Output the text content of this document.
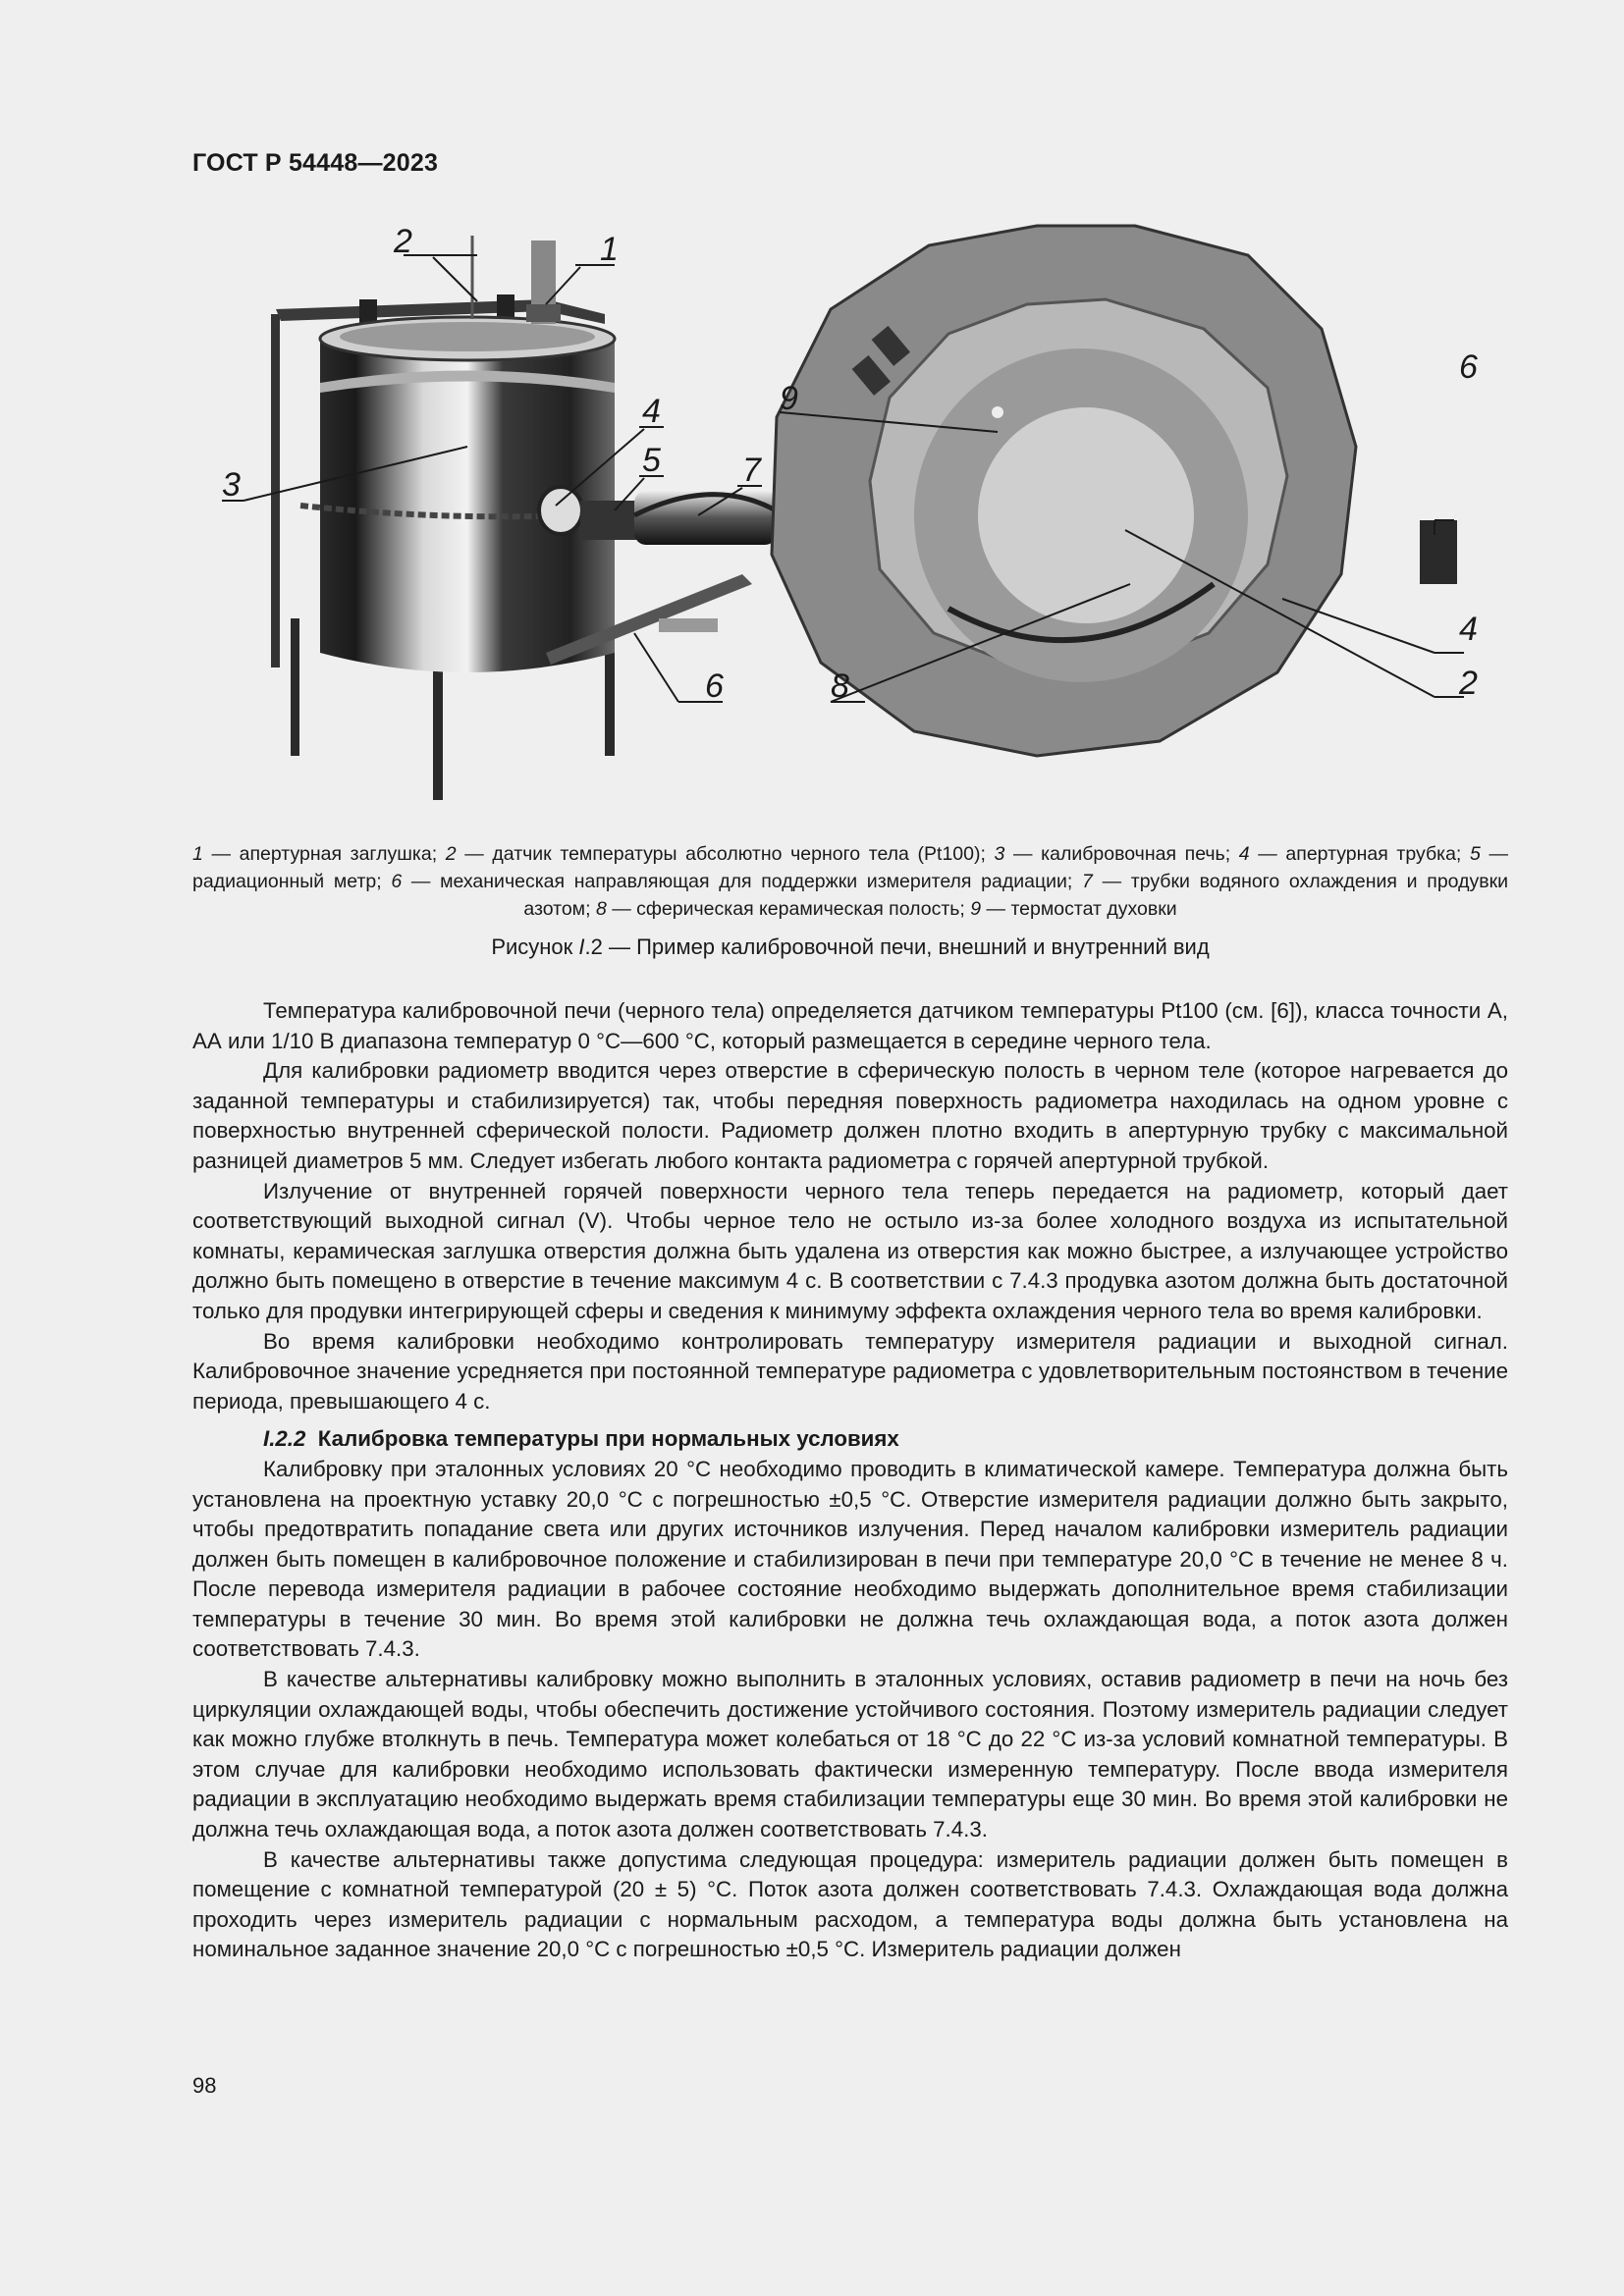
ГОСТ Р 54448—2023
2	1
3
4
5 7
6
9
6
4
8	2
1 — апертурная заглушка; 2 — датчик температуры абсолютно черного тела (Pt100); 3 — калибровочная печь; 4 — апертурная трубка; 5 — радиационный метр; 6 — механическая направляющая для поддержки измерителя радиации; 7 — трубки водяного охлаждения и продувки азотом; 8 — сферическая керамическая полость; 9 — термостат духовки
Рисунок I.2 — Пример калибровочной печи, внешний и внутренний вид

Температура калибровочной печи (черного тела) определяется датчиком температуры Pt100 (см. [6]), класса точности А, АА или 1/10 В диапазона температур 0 °С—600 °С, который размещается в середине черного тела.

Для калибровки радиометр вводится через отверстие в сферическую полость в черном теле (которое нагревается до заданной температуры и стабилизируется) так, чтобы передняя поверхность радиометра находилась на одном уровне с поверхностью внутренней сферической полости. Радиометр должен плотно входить в апертурную трубку с максимальной разницей диаметров 5 мм. Следует избегать любого контакта радиометра с горячей апертурной трубкой.

Излучение от внутренней горячей поверхности черного тела теперь передается на радиометр, который дает соответствующий выходной сигнал (V). Чтобы черное тело не остыло из-за более холодного воздуха из испытательной комнаты, керамическая заглушка отверстия должна быть удалена из отверстия как можно быстрее, а излучающее устройство должно быть помещено в отверстие в течение максимум 4 с. В соответствии с 7.4.3 продувка азотом должна быть достаточной только для продувки интегрирующей сферы и сведения к минимуму эффекта охлаждения черного тела во время калибровки.

Во время калибровки необходимо контролировать температуру измерителя радиации и выходной сигнал. Калибровочное значение усредняется при постоянной температуре радиометра с удовлетворительным постоянством в течение периода, превышающего 4 с.

I.2.2 Калибровка температуры при нормальных условиях

Калибровку при эталонных условиях 20 °С необходимо проводить в климатической камере. Температура должна быть установлена на проектную уставку 20,0 °С с погрешностью ±0,5 °С. Отверстие измерителя радиации должно быть закрыто, чтобы предотвратить попадание света или других источников излучения. Перед началом калибровки измеритель радиации должен быть помещен в калибровочное положение и стабилизирован в печи при температуре 20,0 °С в течение не менее 8 ч. После перевода измерителя радиации в рабочее состояние необходимо выдержать дополнительное время стабилизации температуры в течение 30 мин. Во время этой калибровки не должна течь охлаждающая вода, а поток азота должен соответствовать 7.4.3.

В качестве альтернативы калибровку можно выполнить в эталонных условиях, оставив радиометр в печи на ночь без циркуляции охлаждающей воды, чтобы обеспечить достижение устойчивого состояния. Поэтому измеритель радиации следует как можно глубже втолкнуть в печь. Температура может колебаться от 18 °С до 22 °С из-за условий комнатной температуры. В этом случае для калибровки необходимо использовать фактически измеренную температуру. После ввода измерителя радиации в эксплуатацию необходимо выдержать время стабилизации температуры еще 30 мин. Во время этой калибровки не должна течь охлаждающая вода, а поток азота должен соответствовать 7.4.3.

В качестве альтернативы также допустима следующая процедура: измеритель радиации должен быть помещен в помещение с комнатной температурой (20 ± 5) °С. Поток азота должен соответствовать 7.4.3. Охлаждающая вода должна проходить через измеритель радиации с нормальным расходом, а температура воды должна быть установлена на номинальное заданное значение 20,0 °С с погрешностью ±0,5 °С. Измеритель радиации должен

98
